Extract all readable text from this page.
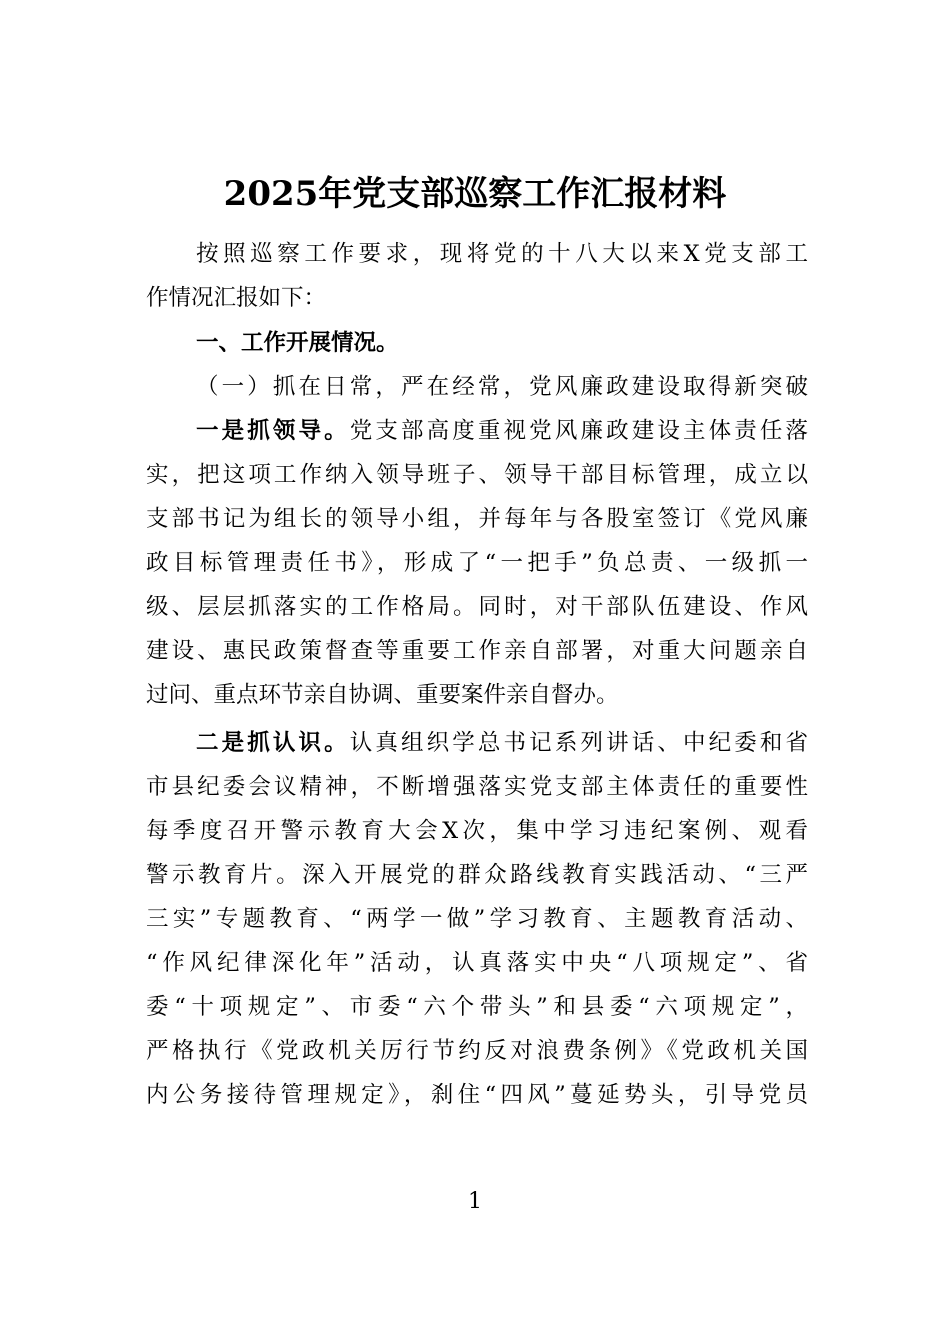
2025年党支部巡察工作汇报材料
按照巡察工作要求，现将党的十八大以来X党支部工
作情况汇报如下：
一、工作开展情况。
（一）抓在日常，严在经常，党风廉政建设取得新突破
一是抓领导。党支部高度重视党风廉政建设主体责任落
实，把这项工作纳入领导班子、领导干部目标管理，成立以
支部书记为组长的领导小组，并每年与各股室签订《党风廉
政目标管理责任书》，形成了“一把手”负总责、一级抓一
级、层层抓落实的工作格局。同时，对干部队伍建设、作风
建设、惠民政策督查等重要工作亲自部署，对重大问题亲自
过问、重点环节亲自协调、重要案件亲自督办。
二是抓认识。认真组织学总书记系列讲话、中纪委和省
市县纪委会议精神，不断增强落实党支部主体责任的重要性
每季度召开警示教育大会X次，集中学习违纪案例、观看
警示教育片。深入开展党的群众路线教育实践活动、“三严
三实”专题教育、“两学一做”学习教育、主题教育活动、
“作风纪律深化年”活动，认真落实中央“八项规定”、省
委“十项规定”、市委“六个带头”和县委“六项规定”，
严格执行《党政机关厉行节约反对浪费条例》《党政机关国
内公务接待管理规定》，刹住“四风”蔓延势头，引导党员
1
